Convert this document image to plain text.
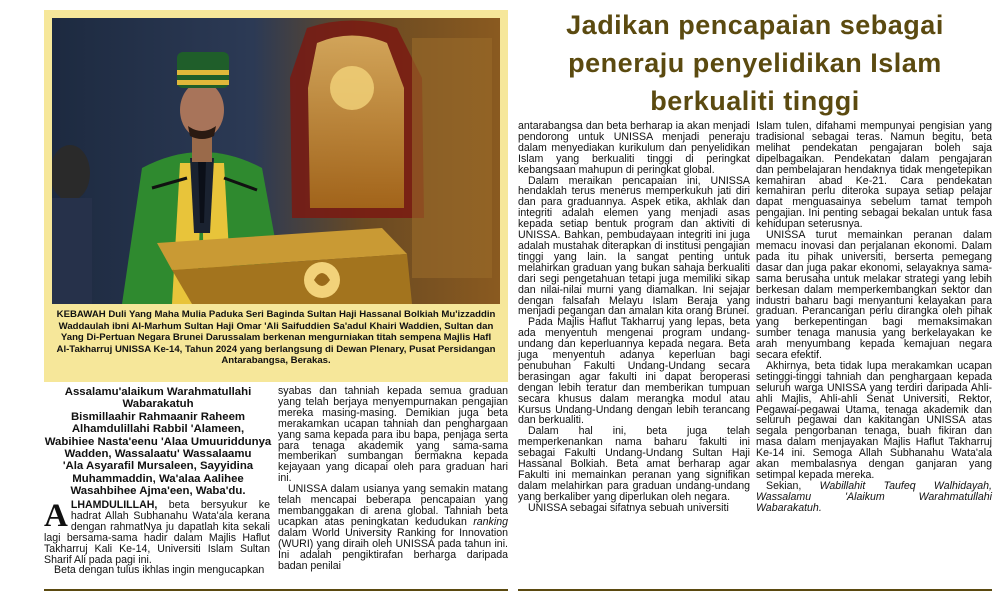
KEBAWAH Duli Yang Maha Mulia Paduka Seri Baginda Sultan Haji Hassanal Bolkiah Mu'izzaddin Waddaulah ibni Al-Marhum Sultan Haji Omar 'Ali Saifuddien Sa'adul Khairi Waddien, Sultan dan Yang Di-Pertuan Negara Brunei Darussalam berkenan mengurniakan titah sempena Majlis Hafl Al-Takharruj UNISSA Ke-14, Tahun 2024 yang berlangsung di Dewan Plenary, Pusat Persidangan Antarabangsa, Berakas.

Jadikan pencapaian sebagai peneraju penyelidikan Islam berkualiti tinggi

Assalamu'alaikum Warahmatullahi
Wabarakatuh
Bismillaahir Rahmaanir Raheem
Alhamdulillahi Rabbil 'Alameen,
Wabihiee Nasta'eenu 'Alaa Umuuriddunya
Wadden, Wassalaatu' Wassalaamu
'Ala Asyarafil Mursaleen, Sayyidina
Muhammaddin, Wa'alaa Aalihee
Wasahbihee Ajma'een, Waba'du.

ALHAMDULILLAH, beta bersyukur ke hadrat Allah Subhanahu Wata'ala kerana dengan rahmatNya ju dapatlah kita sekali lagi bersama-sama hadir dalam Majlis Haflut Takharruj Kali Ke-14, Universiti Islam Sultan Sharif Ali pada pagi ini.

Beta dengan tulus ikhlas ingin mengucapkan

syabas dan tahniah kepada semua graduan yang telah berjaya menyempurnakan pengajian mereka masing-masing. Demikian juga beta merakamkan ucapan tahniah dan penghargaan yang sama kepada para ibu bapa, penjaga serta para tenaga akademik yang sama-sama memberikan sumbangan bermakna kepada kejayaan yang dicapai oleh para graduan hari ini.

UNISSA dalam usianya yang semakin matang telah mencapai beberapa pencapaian yang membanggakan di arena global. Tahniah beta ucapkan atas peningkatan kedudukan ranking dalam World University Ranking for Innovation (WURI) yang diraih oleh UNISSA pada tahun ini. Ini adalah pengiktirafan berharga daripada badan penilai

antarabangsa dan beta berharap ia akan menjadi pendorong untuk UNISSA menjadi peneraju dalam menyediakan kurikulum dan penyelidikan Islam yang berkualiti tinggi di peringkat kebangsaan mahupun di peringkat global.

Dalam meraikan pencapaian ini, UNISSA hendaklah terus menerus memperkukuh jati diri dan para graduannya. Aspek etika, akhlak dan integriti adalah elemen yang menjadi asas kepada setiap bentuk program dan aktiviti di UNISSA. Bahkan, pembudayaan integriti ini juga adalah mustahak diterapkan di institusi pengajian tinggi yang lain. Ia sangat penting untuk melahirkan graduan yang bukan sahaja berkualiti dari segi pengetahuan tetapi juga memiliki sikap dan nilai-nilai murni yang diamalkan. Ini sejajar dengan falsafah Melayu Islam Beraja yang menjadi pegangan dan amalan kita orang Brunei.

Pada Majlis Haflut Takharruj yang lepas, beta ada menyentuh mengenai program undang-undang dan keperluannya kepada negara. Beta juga menyentuh adanya keperluan bagi penubuhan Fakulti Undang-Undang secara berasingan agar fakulti ini dapat beroperasi dengan lebih teratur dan memberikan tumpuan secara khusus dalam merangka modul atau Kursus Undang-Undang dengan lebih terancang dan berkualiti.

Dalam hal ini, beta juga telah memperkenankan nama baharu fakulti ini sebagai Fakulti Undang-Undang Sultan Haji Hassanal Bolkiah. Beta amat berharap agar Fakulti ini memainkan peranan yang signifikan dalam melahirkan para graduan undang-undang yang berkaliber yang diperlukan oleh negara.

UNISSA sebagai sifatnya sebuah universiti

Islam tulen, difahami mempunyai pengisian yang tradisional sebagai teras. Namun begitu, beta melihat pendekatan pengajaran boleh saja dipelbagaikan. Pendekatan dalam pengajaran dan pembelajaran hendaknya tidak mengetepikan kemahiran abad Ke-21. Cara pendekatan kemahiran perlu diteroka supaya setiap pelajar dapat menguasainya sebelum tamat tempoh pengajian. Ini penting sebagai bekalan untuk fasa kehidupan seterusnya.

UNISSA turut memainkan peranan dalam memacu inovasi dan perjalanan ekonomi. Dalam pada itu pihak universiti, berserta pemegang dasar dan juga pakar ekonomi, selayaknya sama-sama berusaha untuk melakar strategi yang lebih berkesan dalam memperkembangkan sektor dan industri baharu bagi menyantuni kelayakan para graduan. Perancangan perlu dirangka oleh pihak yang berkepentingan bagi memaksimakan sumber tenaga manusia yang berkelayakan ke arah menyumbang kepada kemajuan negara secara efektif.

Akhirnya, beta tidak lupa merakamkan ucapan setinggi-tinggi tahniah dan penghargaan kepada seluruh warga UNISSA yang terdiri daripada Ahli-ahli Majlis, Ahli-ahli Senat Universiti, Rektor, Pegawai-pegawai Utama, tenaga akademik dan seluruh pegawai dan kakitangan UNISSA atas segala pengorbanan tenaga, buah fikiran dan masa dalam menjayakan Majlis Haflut Takharruj Ke-14 ini. Semoga Allah Subhanahu Wata'ala akan membalasnya dengan ganjaran yang setimpal kepada mereka.

Sekian, Wabillahit Taufeq Walhidayah, Wassalamu 'Alaikum Warahmatullahi Wabarakatuh.
